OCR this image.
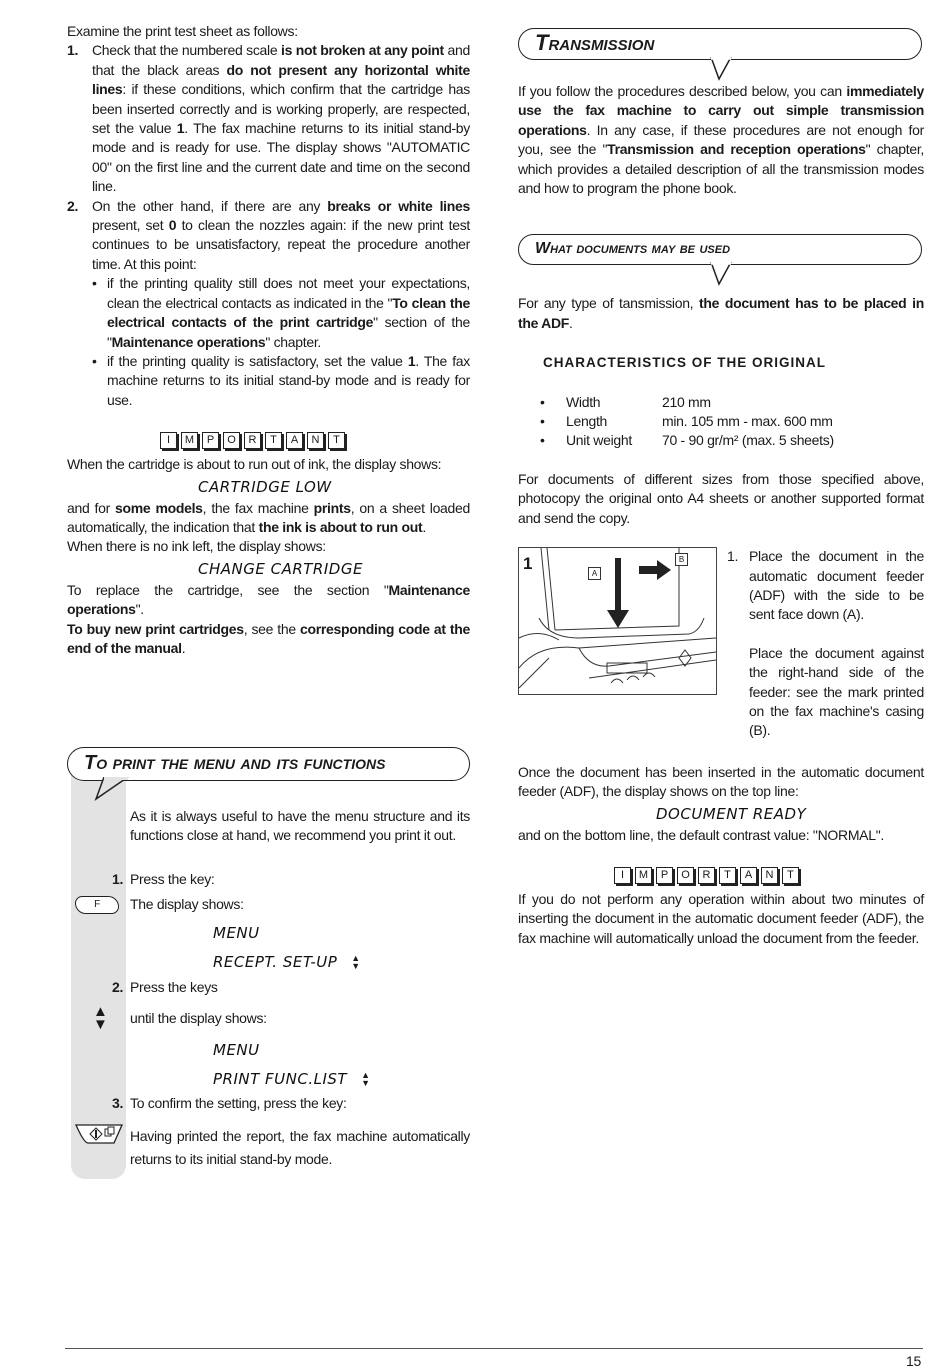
Examine the print test sheet as follows:
1. Check that the numbered scale is not broken at any point and that the black areas do not present any horizontal white lines: if these conditions, which confirm that the cartridge has been inserted correctly and is working properly, are respected, set the value 1. The fax machine returns to its initial stand-by mode and is ready for use. The display shows "AUTOMATIC 00" on the first line and the current date and time on the second line.
2. On the other hand, if there are any breaks or white lines present, set 0 to clean the nozzles again: if the new print test continues to be unsatisfactory, repeat the procedure another time. At this point:
• if the printing quality still does not meet your expectations, clean the electrical contacts as indicated in the "To clean the electrical contacts of the print cartridge" section of the "Maintenance operations" chapter.
• if the printing quality is satisfactory, set the value 1. The fax machine returns to its initial stand-by mode and is ready for use.
I	M	P	O	R	T	A	N	T
When the cartridge is about to run out of ink, the display shows:
CARTRIDGE LOW
and for some models, the fax machine prints, on a sheet loaded automatically, the indication that the ink is about to run out.
When there is no ink left, the display shows:
CHANGE CARTRIDGE
To replace the cartridge, see the section "Maintenance operations".
To buy new print cartridges, see the corresponding code at the end of the manual.
To print the menu and its functions
As it is always useful to have the menu structure and its functions close at hand, we recommend you print it out.
1. Press the key:
F	The display shows:
MENU
RECEPT. SET-UP ▲
▼
2. Press the keys
▲
▼ until the display shows:
MENU
PRINT FUNC.LIST ▲
▼
3. To confirm the setting, press the key:
Having printed the report, the fax machine automatically returns to its initial stand-by mode.
Transmission
If you follow the procedures described below, you can immediately use the fax machine to carry out simple transmission operations. In any case, if these procedures are not enough for you, see the "Transmission and reception operations" chapter, which provides a detailed description of all the transmission modes and how to program the phone book.
What documents may be used
For any type of tansmission, the document has to be placed in the ADF.
CHARACTERISTICS OF THE ORIGINAL
•	Width	210 mm
•	Length	min. 105 mm - max. 600 mm
•	Unit weight	70 - 90 gr/m² (max. 5 sheets)
For documents of different sizes from those specified above, photocopy the original onto A4 sheets or another supported format and send the copy.
1
A
B	1. Place the document in the automatic document feeder (ADF) with the side to be sent face down (A).
Place the document against the right-hand side of the feeder: see the mark printed on the fax machine's casing (B).
Once the document has been inserted in the automatic document feeder (ADF), the display shows on the top line:
DOCUMENT READY
and on the bottom line, the default contrast value: "NORMAL".
I	M	P	O	R	T	A	N	T
If you do not perform any operation within about two minutes of inserting the document in the automatic document feeder (ADF), the fax machine will automatically unload the document from the feeder.
15
